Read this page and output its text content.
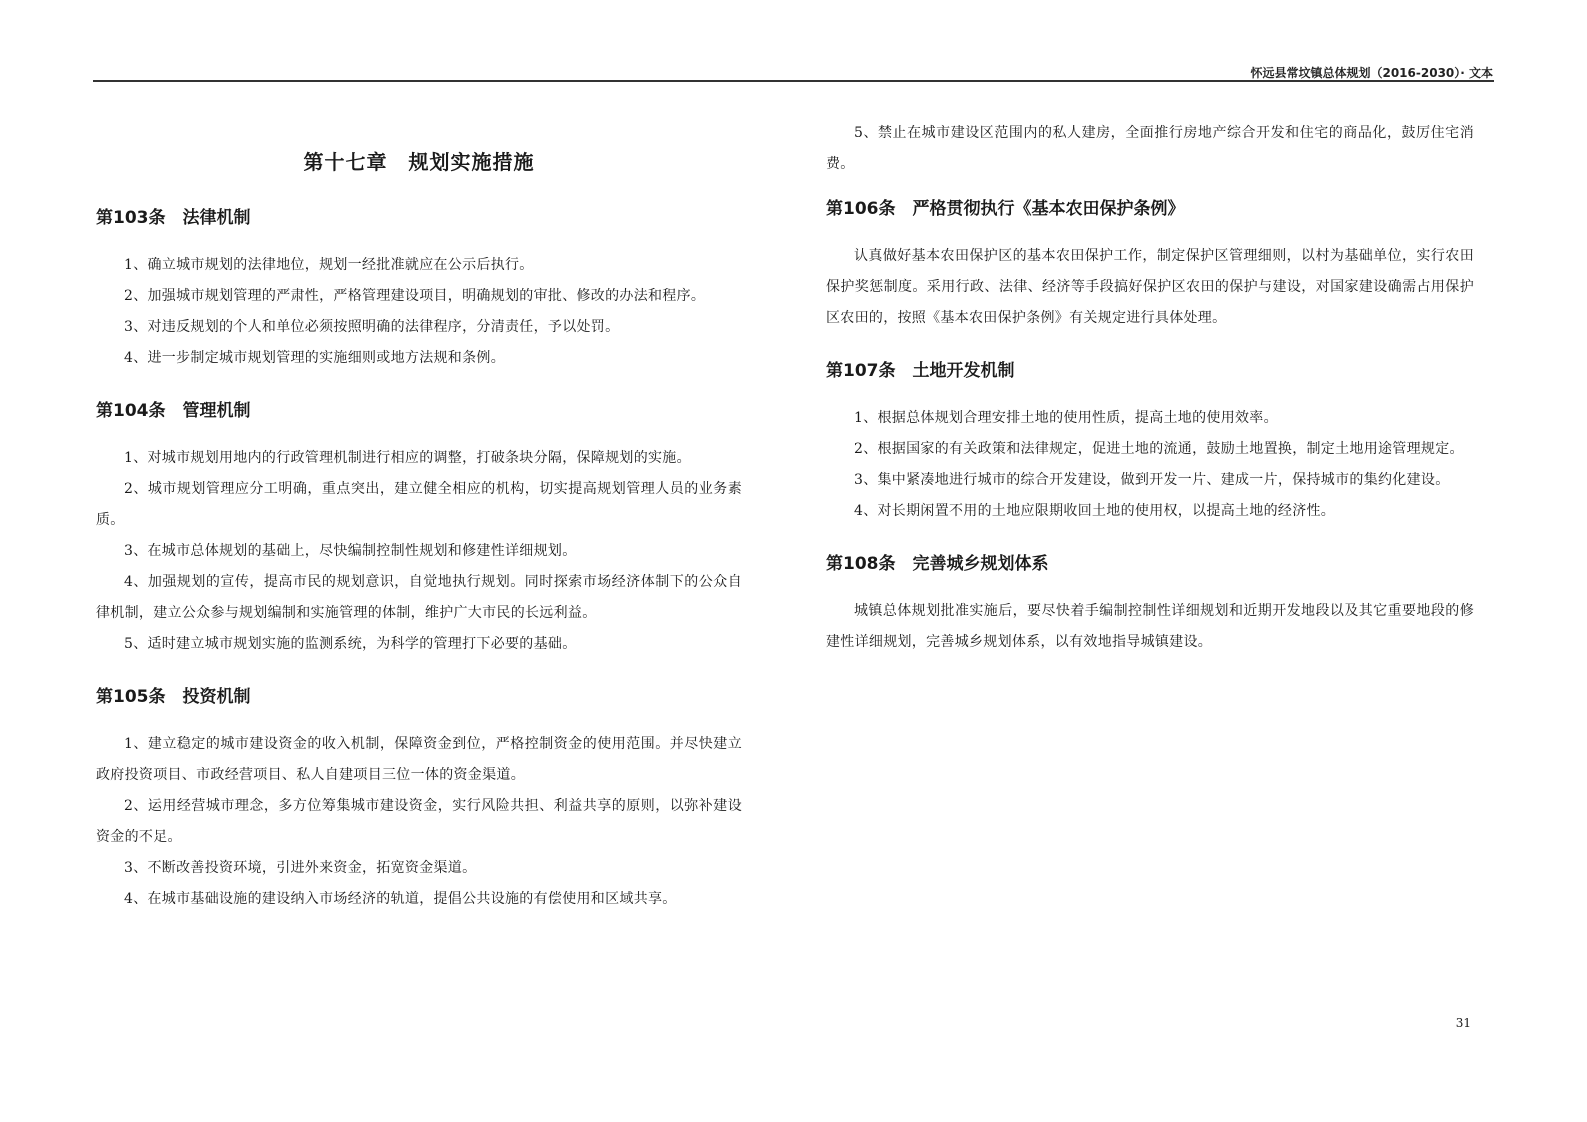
怀远县常坟镇总体规划（2016-2030）· 文本
第十七章　规划实施措施
第103条　法律机制

1、确立城市规划的法律地位，规划一经批准就应在公示后执行。

2、加强城市规划管理的严肃性，严格管理建设项目，明确规划的审批、修改的办法和程序。

3、对违反规划的个人和单位必须按照明确的法律程序，分清责任，予以处罚。

4、进一步制定城市规划管理的实施细则或地方法规和条例。

第104条　管理机制

1、对城市规划用地内的行政管理机制进行相应的调整，打破条块分隔，保障规划的实施。

2、城市规划管理应分工明确，重点突出，建立健全相应的机构，切实提高规划管理人员的业务素质。

3、在城市总体规划的基础上，尽快编制控制性规划和修建性详细规划。

4、加强规划的宣传，提高市民的规划意识，自觉地执行规划。同时探索市场经济体制下的公众自律机制，建立公众参与规划编制和实施管理的体制，维护广大市民的长远利益。

5、适时建立城市规划实施的监测系统，为科学的管理打下必要的基础。

第105条　投资机制

1、建立稳定的城市建设资金的收入机制，保障资金到位，严格控制资金的使用范围。并尽快建立政府投资项目、市政经营项目、私人自建项目三位一体的资金渠道。

2、运用经营城市理念，多方位筹集城市建设资金，实行风险共担、利益共享的原则，以弥补建设资金的不足。

3、不断改善投资环境，引进外来资金，拓宽资金渠道。

4、在城市基础设施的建设纳入市场经济的轨道，提倡公共设施的有偿使用和区域共享。

5、禁止在城市建设区范围内的私人建房，全面推行房地产综合开发和住宅的商品化，鼓厉住宅消费。

第106条　严格贯彻执行《基本农田保护条例》

认真做好基本农田保护区的基本农田保护工作，制定保护区管理细则，以村为基础单位，实行农田保护奖惩制度。采用行政、法律、经济等手段搞好保护区农田的保护与建设，对国家建设确需占用保护区农田的，按照《基本农田保护条例》有关规定进行具体处理。

第107条　土地开发机制

1、根据总体规划合理安排土地的使用性质，提高土地的使用效率。

2、根据国家的有关政策和法律规定，促进土地的流通，鼓励土地置换，制定土地用途管理规定。

3、集中紧凑地进行城市的综合开发建设，做到开发一片、建成一片，保持城市的集约化建设。

4、对长期闲置不用的土地应限期收回土地的使用权，以提高土地的经济性。

第108条　完善城乡规划体系

城镇总体规划批准实施后，要尽快着手编制控制性详细规划和近期开发地段以及其它重要地段的修建性详细规划，完善城乡规划体系，以有效地指导城镇建设。

31
